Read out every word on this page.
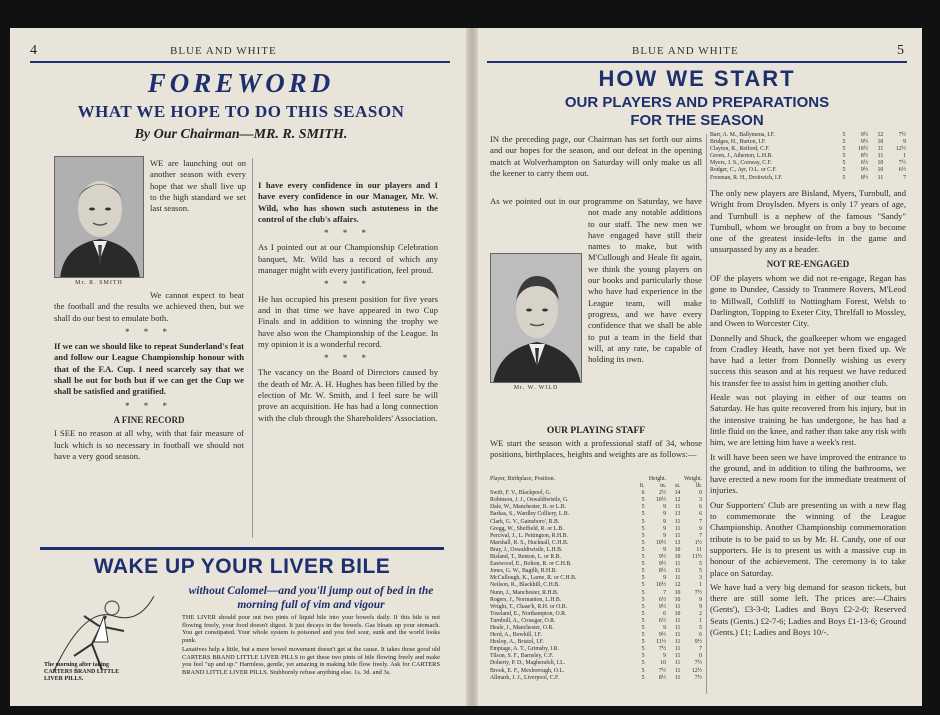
4	BLUE AND WHITE
FOREWORD
WHAT WE HOPE TO DO THIS SEASON
By Our Chairman—MR. R. SMITH.
Mr. R. SMITH
WE are launching out on another season with every hope that we shall live up to the high standard we set last season.

We cannot expect to beat the football and the results we achieved then, but we shall do our best to emulate both.

* * *

If we can we should like to repeat Sunderland's feat and follow our League Championship honour with that of the F.A. Cup. I need scarcely say that we shall be out for both but if we can get the Cup we shall be satisfied and gratified.

* * *
A FINE RECORD

I SEE no reason at all why, with that fair measure of luck which is so necessary in football we should not have a very good season.

I have every confidence in our players and I have every confidence in our Manager, Mr. W. Wild, who has shown such astuteness in the control of the club's affairs.

* * *

As I pointed out at our Championship Celebration banquet, Mr. Wild has a record of which any manager might with every justification, feel proud.

* * *

He has occupied his present position for five years and in that time we have appeared in two Cup Finals and in addition to winning the trophy we have also won the Championship of the League. In my opinion it is a wonderful record.

* * *

The vacancy on the Board of Directors caused by the death of Mr. A. H. Hughes has been filled by the election of Mr. W. Smith, and I feel sure he will prove an acquisition. He has had a long connection with the club through the Shareholders' Association.

WAKE UP YOUR LIVER BILE
The morning after taking CARTERS BRAND LITTLE LIVER PILLS.
without Calomel—and you'll jump out of bed in the morning full of vim and vigour

THE LIVER should pour out two pints of liquid bile into your bowels daily. If this bile is not flowing freely, your food doesn't digest. It just decays in the bowels. Gas bloats up your stomach. You get constipated. Your whole system is poisoned and you feel sour, sunk and the world looks punk.

Laxatives help a little, but a mere bowel movement doesn't get at the cause. It takes those good old CARTERS BRAND LITTLE LIVER PILLS to get these two pints of bile flowing freely and make you feel "up and up." Harmless, gentle, yet amazing in making bile flow freely. Ask for CARTERS BRAND LITTLE LIVER PILLS. Stubbornly refuse anything else. 1s. 3d. and 3s.

BLUE AND WHITE	5
HOW WE START
OUR PLAYERS AND PREPARATIONS
FOR THE SEASON

IN the preceding page, our Chairman has set forth our aims and our hopes for the season, and our defeat in the opening match at Wolverhampton on Saturday will only make us all the keener to carry them out.

As we pointed out in our programme on Saturday, we have not made any notable additions to our staff. The new men we have engaged have still their names to make, but with M'Cullough and Heale fit again, we think the young players on our books and particularly those who have had experience in the League team, will make progress, and we have every confidence that we shall be able to put a team in the field that will, at any rate, be capable of holding its own.

Mr. W. WILD
OUR PLAYING STAFF
WE start the season with a professional staff of 34, whose positions, birthplaces, heights and weights are as follows:—
Player, Birthplace, Position.	Height.		Weight.	
	ft.	in.	st.	lb.
Swift, F. V., Blackpool, G.	6	2½	14	0
Robinson, J. J., Oswaldtwistle, G.	5	10½	12	3
Dale, W., Manchester, R. or L.B.	5	9	11	6
Barkas, S., Wardley Colliery, L.B.	5	9	13	6
Clark, G. V., Gainsboro', R.B.	5	9	11	7
Gregg, W., Sheffield, R. or L.B.	5	9	11	9
Percival, J., L. Pettington, R.H.B.	5	9	11	7
Marshall, R. S., Hucknall, C.H.B.	5	10½	13	1½
Bray, J., Oswaldtwistle, L.H.B.	5	9	10	11
Bisland, T., Renton, L. or R.B.	5	9½	10	11½
Eastwood, E., Bolton, R. or C.H.B.	5	9½	11	5
Jones, G. W., Bagillt, R.H.B.	5	8½	11	5
McCullough, K., Larne, R. or C.H.B.	5	9	11	3
Neilson, R., Blackhill, C.H.B.	5	10½	12	1
Nunn, J., Manchester, R.H.B.	5	7	10	7½
Rogers, J., Normanton, L.H.B.	5	6½	10	9
Wright, T., Chase'k, R.H. or O.R.	5	9½	11	9
Toseland, E., Northampton, O.R.	5	6	10	2
Turnbull, A., Crossgar, O.R.	5	6½	11	1
Heale, J., Manchester, O.R.	5	9	11	5
Herd, A., Bowhill, I.F.	5	9½	11	6
Heslop, A., Bristol, I.F.	5	11½	11	9½
Emptage, A. T., Grimsby, I.R.	5	7½	11	7
Tilson, S. F., Barnsley, C.F.	5	9	11	0
Doherty, P. D., Magherafelt, I.L.	5	10	11	7½
Brook, E. F., Mexborough, O.L.	5	7½	11	12½
Allmark, J. J., Liverpool, C.F.	5	8½	11	7½
Barr, A. M., Ballymena, I.F.	5	9½	12	7½
Bridges, H., Burton, I.F.	5	9½	10	9
Clayton, R., Retford, C.F.	5	10½	11	12½
Green, J., Atherton, L.H.B.	5	8½	11	1
Myers, J. S., Conway, C.F.	5	6½	10	7½
Rodger, C., Ayr, O.L. or C.F.	5	9½	10	6½
Freeman, R. H., Droitwich, I.F.	5	8½	11	7

The only new players are Bisland, Myers, Turnbull, and Wright from Droylsden. Myers is only 17 years of age, and Turnbull is a nephew of the famous "Sandy" Turnbull, whom we brought on from a boy to become one of the greatest inside-lefts in the game and unsurpassed by any as a header.

NOT RE-ENGAGED

OF the players whom we did not re-engage, Regan has gone to Dundee, Cassidy to Tranmere Rovers, M'Leod to Millwall, Cothliff to Nottingham Forest, Welsh to Darlington, Topping to Exeter City, Threlfall to Mossley, and Owen to Worcester City.

Donnelly and Shuck, the goalkeeper whom we engaged from Cradley Heath, have not yet been fixed up. We have had a letter from Donnelly wishing us every success this season and at his request we have reduced his transfer fee to assist him in getting another club.

Heale was not playing in either of our teams on Saturday. He has quite recovered from his injury, but in the intensive training he has undergone, he has had a little fluid on the knee, and rather than take any risk with him, we are letting him have a week's rest.

It will have been seen we have improved the entrance to the ground, and in addition to tiling the bathrooms, we have erected a new room for the immediate treatment of injuries.

Our Supporters' Club are presenting us with a new flag to commemorate the winning of the League Championship. Another Championship commemoration tribute is to be paid to us by Mr. H. Candy, one of our supporters. He is to present us with a massive cup in honour of the achievement. The ceremony is to take place on Saturday.

We have had a very big demand for season tickets, but there are still some left. The prices are:—Chairs (Gents'), £3-3-0; Ladies and Boys £2-2-0; Reserved Seats (Gents.) £2-7-6; Ladies and Boys £1-13-6; Ground (Gents.) £1; Ladies and Boys 10/-.
